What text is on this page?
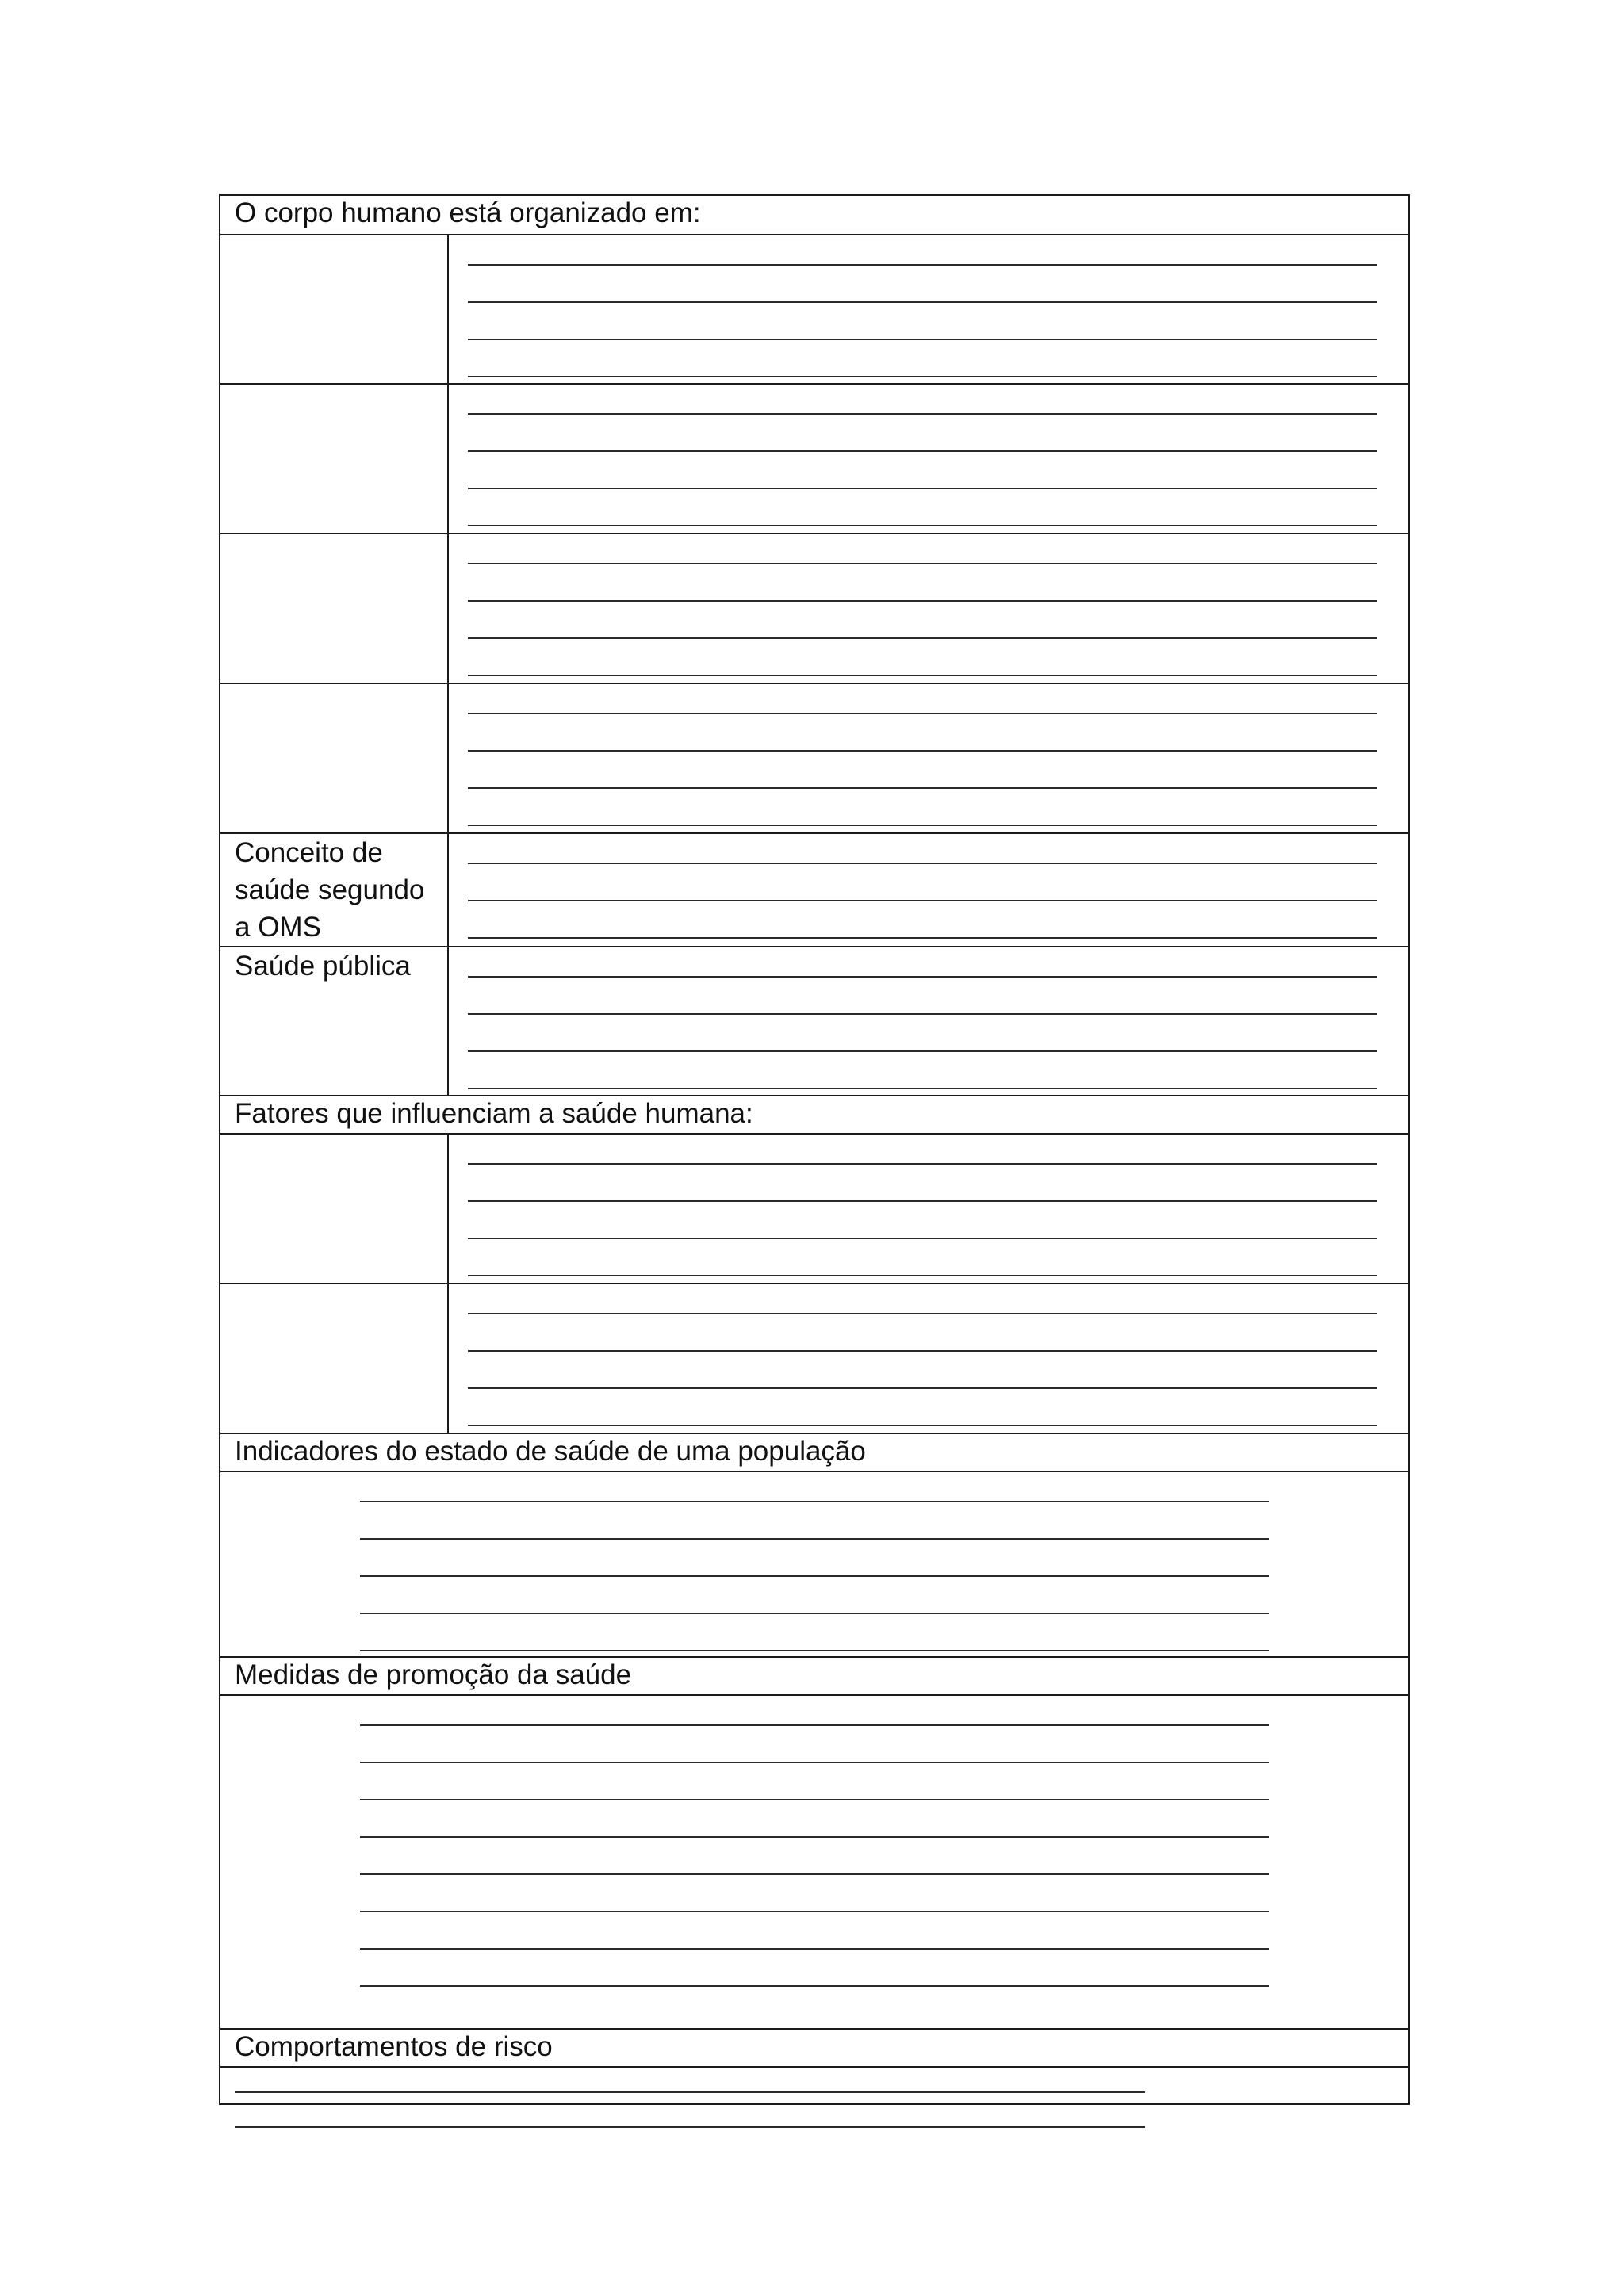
O corpo humano está organizado em:
Conceito de saúde segundo a OMS
Saúde pública
Fatores que influenciam a saúde humana:
Indicadores do estado de saúde de uma população
Medidas de promoção da saúde
Comportamentos de risco
